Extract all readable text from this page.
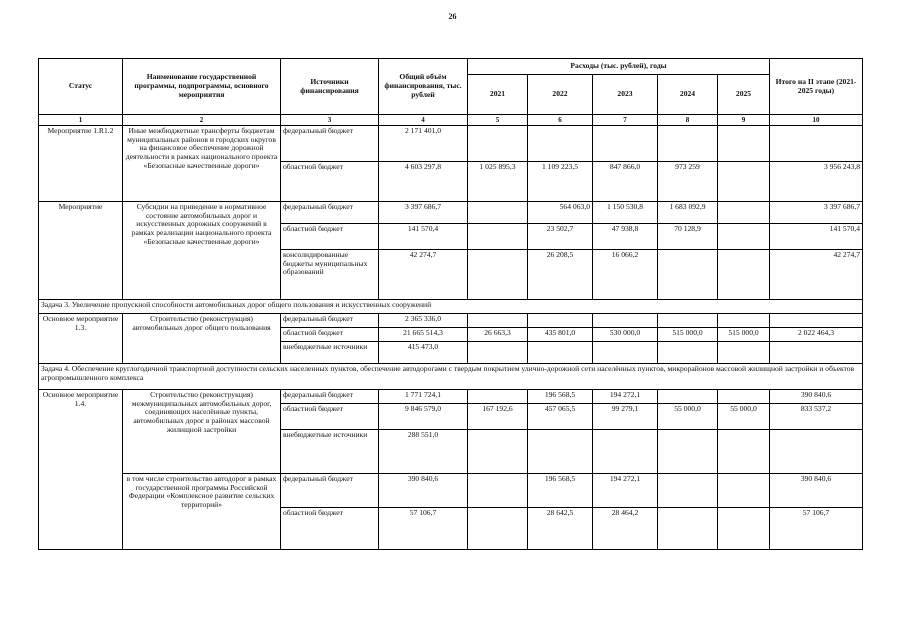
26
Статус	Наименование государственной программы, подпрограммы, основного мероприятия	Источники финансирования	Общий объём финансирования, тыс. рублей	Расходы (тыс. рублей), годы					Итого на II этапе (2021-2025 годы)
				2021	2022	2023	2024	2025	
1	2	3	4	5	6	7	8	9	10
Мероприятие 1.R1.2	Иные межбюджетные трансферты бюджетам муниципальных районов и городских округов на финансовое обеспечение дорожной деятельности в рамках национального проекта «Безопасные качественные дороги»	федеральный бюджет	2 171 401,0						
		областной бюджет	4 603 297,8	1 025 895,3	1 109 223,5	847 866,0	973 259		3 956 243,8
Мероприятие	Субсидии на приведение в нормативное состояние автомобильных дорог и искусственных дорожных сооружений в рамках реализации национального проекта «Безопасные качественные дороги»	федеральный бюджет	3 397 686,7		564 063,0	1 150 530,8	1 683 092,9		3 397 686,7
		областной бюджет	141 570,4		23 502,7	47 938,8	70 128,9		141 570,4
		консолидированные бюджеты муниципальных образований	42 274,7		26 208,5	16 066,2			42 274,7
Задача 3. Увеличение пропускной способности автомобильных дорог общего пользования и искусственных сооружений									
Основное мероприятие 1.3.	Строительство (реконструкция) автомобильных дорог общего пользования	федеральный бюджет	2 365 336,0						
		областной бюджет	21 665 514,3	26 663,3	435 801,0	530 000,0	515 000,0	515 000,0	2 022 464,3
		внебюджетные источники	415 473,0						
Задача 4. Обеспечение круглогодичной транспортной доступности сельских населенных пунктов, обеспечение автодорогами с твердым покрытием улично-дорожной сети населённых пунктов, микрорайонов массовой жилищной застройки и объектов агропромышленного комплекса									
Основное мероприятие 1.4.	Строительство (реконструкция) межмуниципальных автомобильных дорог, соединяющих населённые пункты, автомобильных дорог в районах массовой жилищной застройки	федеральный бюджет	1 771 724,1		196 568,5	194 272,1			390 840,6
		областной бюджет	9 846 579,0	167 192,6	457 065,5	99 279,1	55 000,0	55 000,0	833 537,2
		внебюджетные источники	288 551,0						
	в том числе строительство автодорог в рамках государственной программы Российской Федерации «Комплексное развитие сельских территорий»	федеральный бюджет	390 840,6		196 568,5	194 272,1			390 840,6
		областной бюджет	57 106,7		28 642,5	28 464,2			57 106,7
